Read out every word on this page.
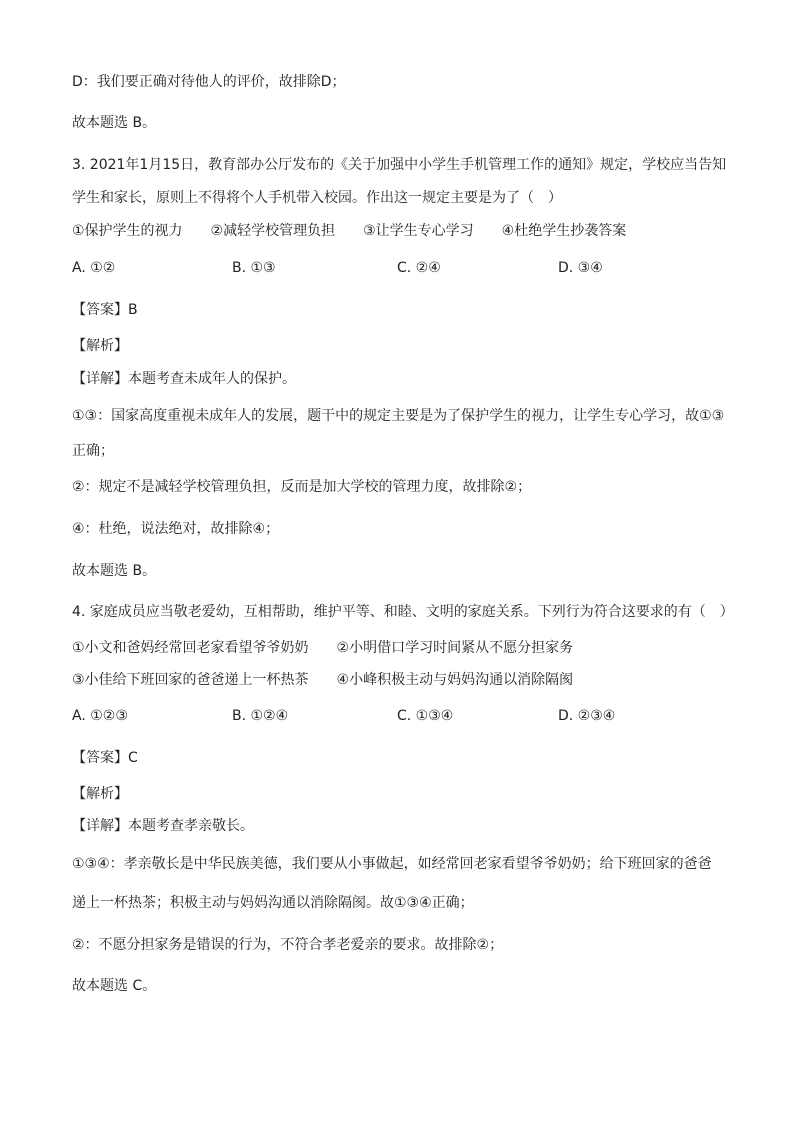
D：我们要正确对待他人的评价，故排除D；
故本题选 B。
3. 2021年1月15日，教育部办公厅发布的《关于加强中小学生手机管理工作的通知》规定，学校应当告知
学生和家长，原则上不得将个人手机带入校园。作出这一规定主要是为了（　）
①保护学生的视力　　②减轻学校管理负担　　③让学生专心学习　　④杜绝学生抄袭答案
A. ①②	B. ①③	C. ②④	D. ③④
【答案】B
【解析】
【详解】本题考查未成年人的保护。
①③：国家高度重视未成年人的发展，题干中的规定主要是为了保护学生的视力，让学生专心学习，故①③
正确；
②：规定不是减轻学校管理负担，反而是加大学校的管理力度，故排除②；
④：杜绝，说法绝对，故排除④；
故本题选 B。
4. 家庭成员应当敬老爱幼，互相帮助，维护平等、和睦、文明的家庭关系。下列行为符合这要求的有（　）
①小文和爸妈经常回老家看望爷爷奶奶　　②小明借口学习时间紧从不愿分担家务
③小佳给下班回家的爸爸递上一杯热茶　　④小峰积极主动与妈妈沟通以消除隔阂
A. ①②③	B. ①②④	C. ①③④	D. ②③④
【答案】C
【解析】
【详解】本题考查孝亲敬长。
①③④：孝亲敬长是中华民族美德，我们要从小事做起，如经常回老家看望爷爷奶奶；给下班回家的爸爸
递上一杯热茶；积极主动与妈妈沟通以消除隔阂。故①③④正确；
②：不愿分担家务是错误的行为，不符合孝老爱亲的要求。故排除②；
故本题选 C。
